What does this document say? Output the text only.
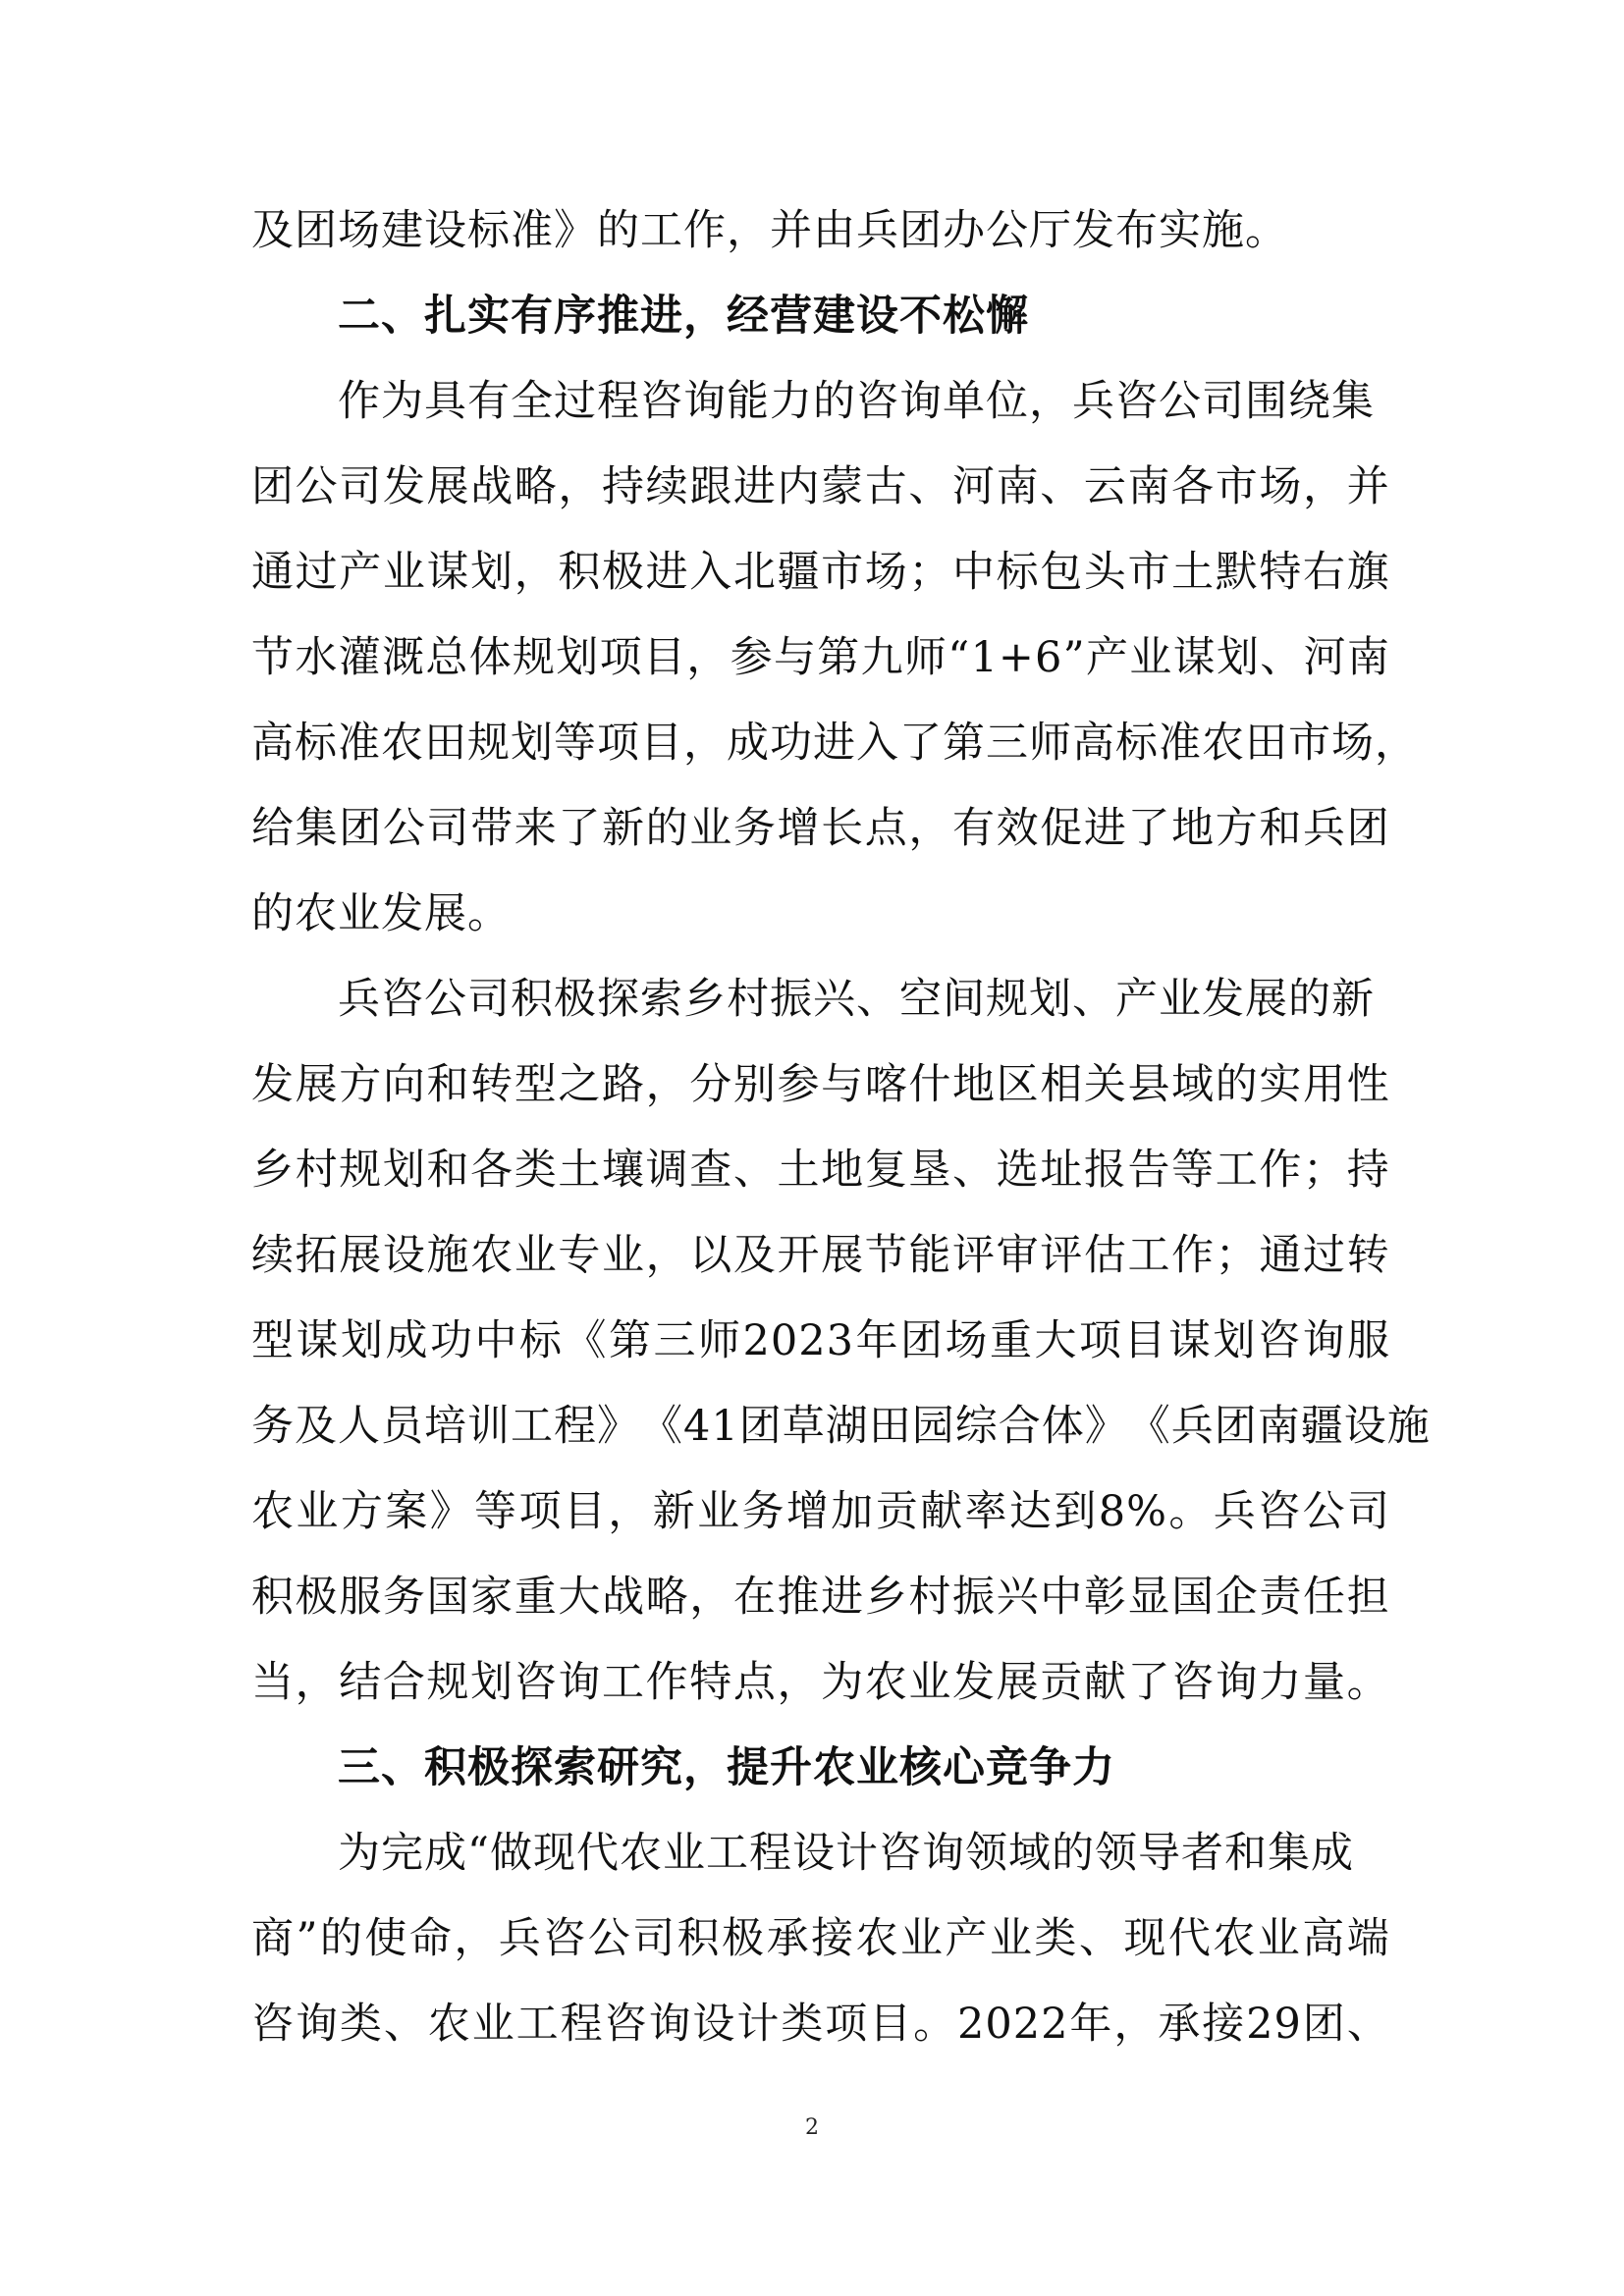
及团场建设标准》的工作，并由兵团办公厅发布实施。
二、扎实有序推进，经营建设不松懈
作为具有全过程咨询能力的咨询单位，兵咨公司围绕集
团 公 司 发 展 战 略 ， 持 续 跟 进 内 蒙 古 、 河 南 、 云 南 各 市 场 ， 并
通 过 产 业 谋 划 ， 积 极 进 入 北 疆 市 场 ； 中 标 包 头 市 土 默 特 右 旗
节 水 灌 溉 总 体 规 划 项 目 ， 参 与 第 九 师 “ 1+6 ” 产 业 谋 划 、 河 南
高 标 准 农 田 规 划 等 项 目 ， 成 功 进 入 了 第 三 师 高 标 准 农 田 市 场 ，
给 集 团 公 司 带 来 了 新 的 业 务 增 长 点 ， 有 效 促 进 了 地 方 和 兵 团
的农业发展。
兵咨公司积极探索乡村振兴、空间规划、产业发展的新
发 展 方 向 和 转 型 之 路 ， 分 别 参 与 喀 什 地 区 相 关 县 域 的 实 用 性
乡 村 规 划 和 各 类 土 壤 调 查 、 土 地 复 垦 、 选 址 报 告 等 工 作 ； 持
续 拓 展 设 施 农 业 专 业 ， 以 及 开 展 节 能 评 审 评 估 工 作 ； 通 过 转
型 谋 划 成 功 中 标 《 第 三 师 2023 年 团 场 重 大 项 目 谋 划 咨 询 服
务 及 人 员 培 训 工 程 》 《 41 团 草 湖 田 园 综 合 体 》 《 兵 团 南 疆 设 施
农 业 方 案 》 等 项 目 ， 新 业 务 增 加 贡 献 率 达 到 8% 。 兵 咨 公 司
积 极 服 务 国 家 重 大 战 略 ， 在 推 进 乡 村 振 兴 中 彰 显 国 企 责 任 担
当 ， 结 合 规 划 咨 询 工 作 特 点 ， 为 农 业 发 展 贡 献 了 咨 询 力 量 。
三、积极探索研究，提升农业核心竞争力
为完成“做现代农业工程设计咨询领域的领导者和集成
商 ” 的 使 命 ， 兵 咨 公 司 积 极 承 接 农 业 产 业 类 、 现 代 农 业 高 端
咨 询 类 、 农 业 工 程 咨 询 设 计 类 项 目 。 2022 年 ， 承 接 29 团 、
2
